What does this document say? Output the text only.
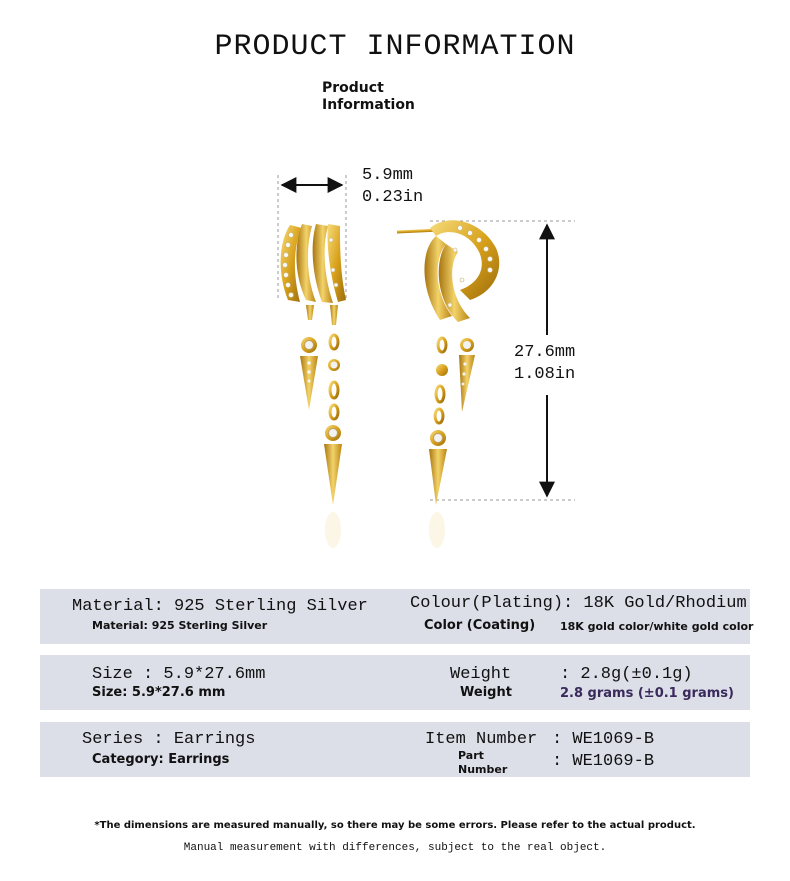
PRODUCT INFORMATION
Product
Information
5.9mm
0.23in
27.6mm
1.08in
Material: 925 Sterling Silver
Material: 925 Sterling Silver
Colour(Plating): 18K Gold/Rhodium
Color (Coating) 18K gold color/white gold color
Size : 5.9*27.6mm
Size: 5.9*27.6 mm
Weight	: 2.8g(±0.1g)
Weight	2.8 grams (±0.1 grams)
Series : Earrings
Category: Earrings
Item Number : WE1069-B
Part
Number	: WE1069-B
*The dimensions are measured manually, so there may be some errors. Please refer to the actual product.
Manual measurement with differences, subject to the real object.
